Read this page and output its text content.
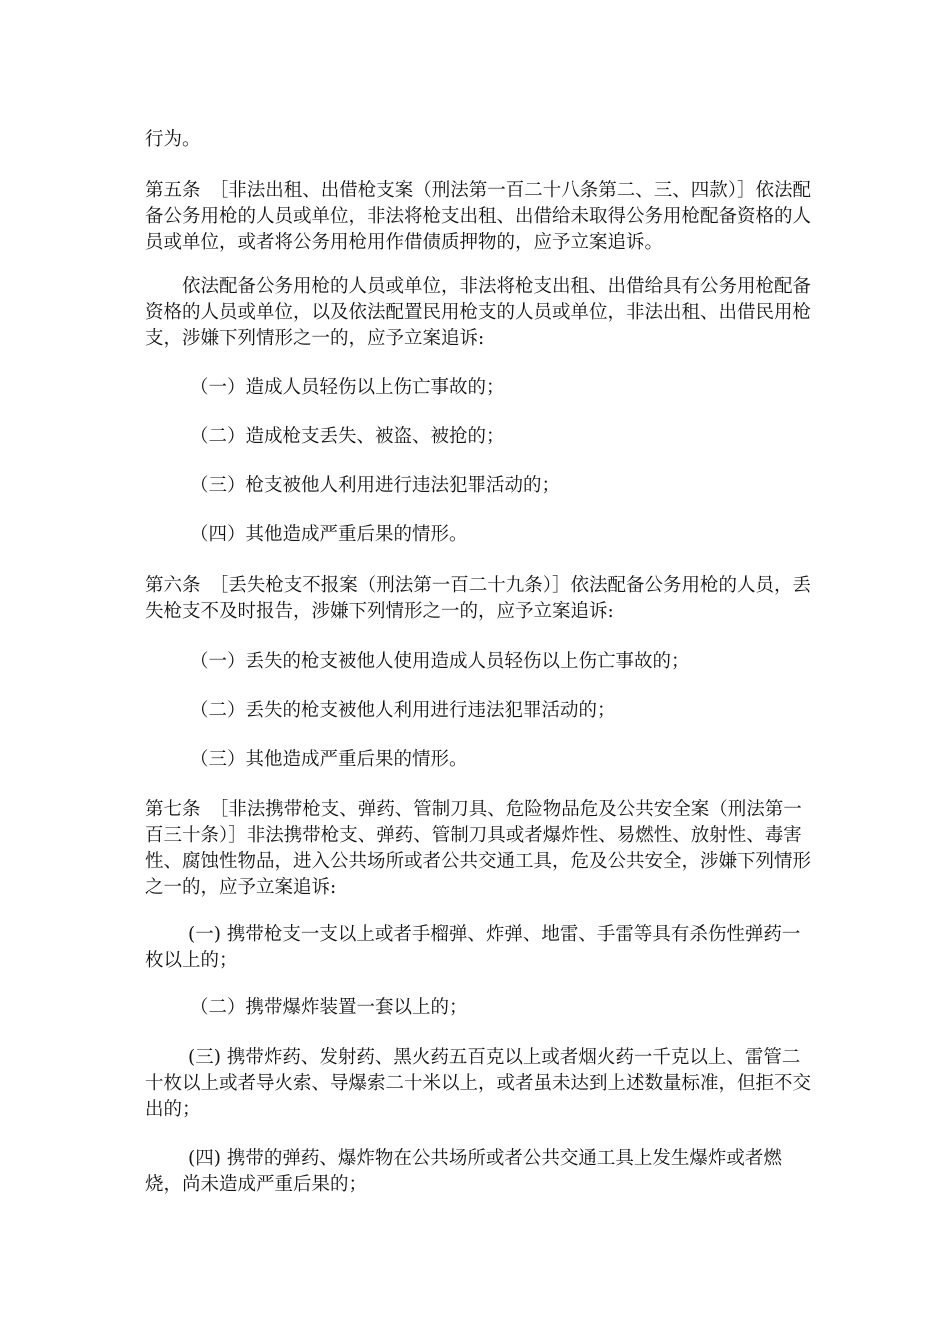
行为。

第五条　［非法出租、出借枪支案（刑法第一百二十八条第二、三、四款）］依法配备公务用枪的人员或单位，非法将枪支出租、出借给未取得公务用枪配备资格的人员或单位，或者将公务用枪用作借债质押物的，应予立案追诉。

依法配备公务用枪的人员或单位，非法将枪支出租、出借给具有公务用枪配备资格的人员或单位，以及依法配置民用枪支的人员或单位，非法出租、出借民用枪支，涉嫌下列情形之一的，应予立案追诉:

（一）造成人员轻伤以上伤亡事故的；

（二）造成枪支丢失、被盗、被抢的；

（三）枪支被他人利用进行违法犯罪活动的；

（四）其他造成严重后果的情形。

第六条　［丢失枪支不报案（刑法第一百二十九条）］依法配备公务用枪的人员，丢失枪支不及时报告，涉嫌下列情形之一的，应予立案追诉:

（一）丢失的枪支被他人使用造成人员轻伤以上伤亡事故的；

（二）丢失的枪支被他人利用进行违法犯罪活动的；

（三）其他造成严重后果的情形。

第七条　［非法携带枪支、弹药、管制刀具、危险物品危及公共安全案（刑法第一百三十条）］非法携带枪支、弹药、管制刀具或者爆炸性、易燃性、放射性、毒害性、腐蚀性物品，进入公共场所或者公共交通工具，危及公共安全，涉嫌下列情形之一的，应予立案追诉:

(一) 携带枪支一支以上或者手榴弹、炸弹、地雷、手雷等具有杀伤性弹药一枚以上的；

（二）携带爆炸装置一套以上的；

(三) 携带炸药、发射药、黑火药五百克以上或者烟火药一千克以上、雷管二十枚以上或者导火索、导爆索二十米以上，或者虽未达到上述数量标准，但拒不交出的；

(四) 携带的弹药、爆炸物在公共场所或者公共交通工具上发生爆炸或者燃烧，尚未造成严重后果的；
